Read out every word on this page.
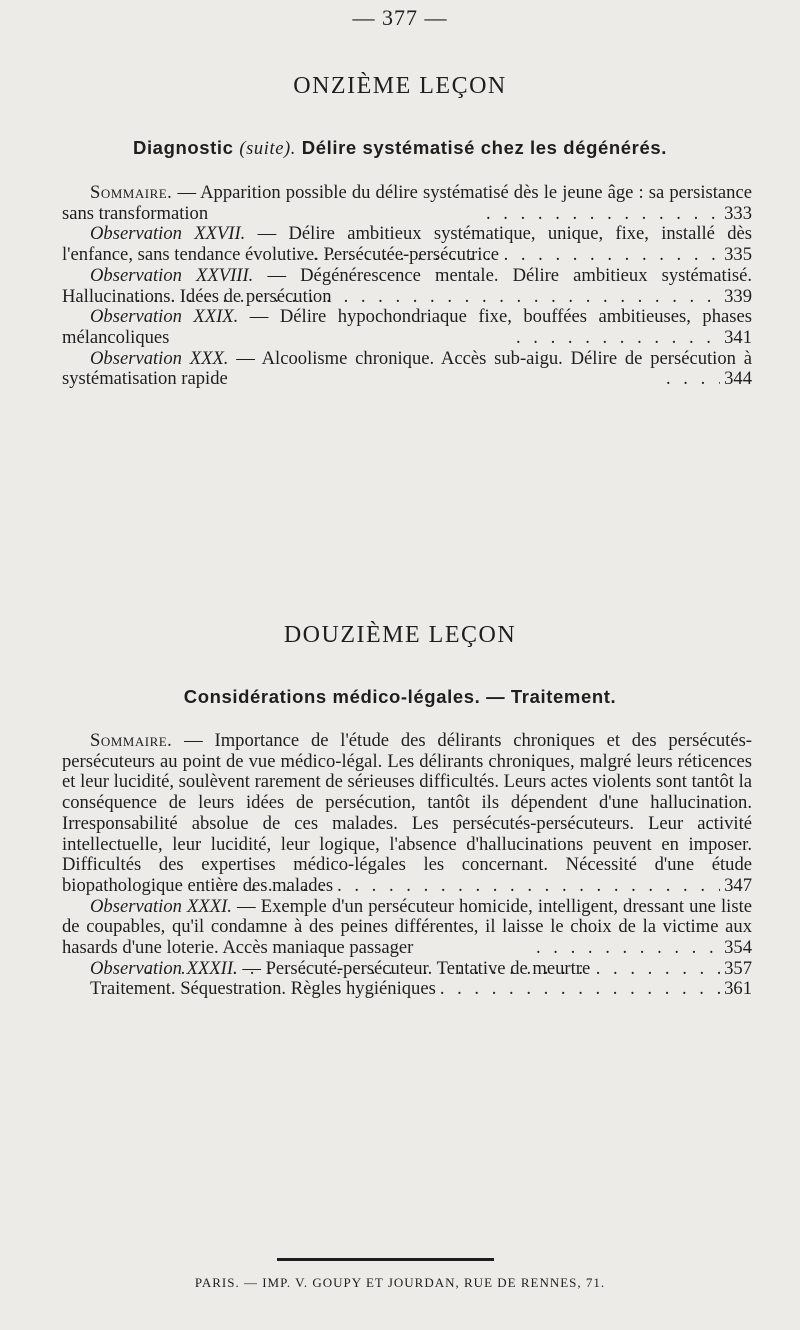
— 377 —
ONZIÈME LEÇON
Diagnostic (suite). Délire systématisé chez les dégénérés.

Sommaire. — Apparition possible du délire systématisé dès le jeune âge : sa persistance sans transformation . . .	333

Observation XXVII. — Délire ambitieux systématique, unique, fixe, installé dès l'enfance, sans tendance évolutive. Persécutée-persécutrice . . .	335

Observation XXVIII. — Dégénérescence mentale. Délire ambitieux systématisé. Hallucinations. Idées de persécution . . .	339

Observation XXIX. — Délire hypochondriaque fixe, bouffées ambitieuses, phases mélancoliques . . .	341

Observation XXX. — Alcoolisme chronique. Accès sub-aigu. Délire de persécution à systématisation rapide . . .	344

DOUZIÈME LEÇON
Considérations médico-légales. — Traitement.

Sommaire. — Importance de l'étude des délirants chroniques et des persécutés-persécuteurs au point de vue médico-légal. Les délirants chroniques, malgré leurs réticences et leur lucidité, soulèvent rarement de sérieuses difficultés. Leurs actes violents sont tantôt la conséquence de leurs idées de persécution, tantôt ils dépendent d'une hallucination. Irresponsabilité absolue de ces malades. Les persécutés-persécuteurs. Leur activité intellectuelle, leur lucidité, leur logique, l'absence d'hallucinations peuvent en imposer. Difficultés des expertises médico-légales les concernant. Nécessité d'une étude biopathologique entière des malades . . .	347

Observation XXXI. — Exemple d'un persécuteur homicide, intelligent, dressant une liste de coupables, qu'il condamne à des peines différentes, il laisse le choix de la victime aux hasards d'une loterie. Accès maniaque passager . . .	354

Observation XXXII. — Persécuté-persécuteur. Tentative de meurtre . . .	357

Traitement. Séquestration. Règles hygiéniques . . .	361

PARIS. — IMP. V. GOUPY ET JOURDAN, RUE DE RENNES, 71.
